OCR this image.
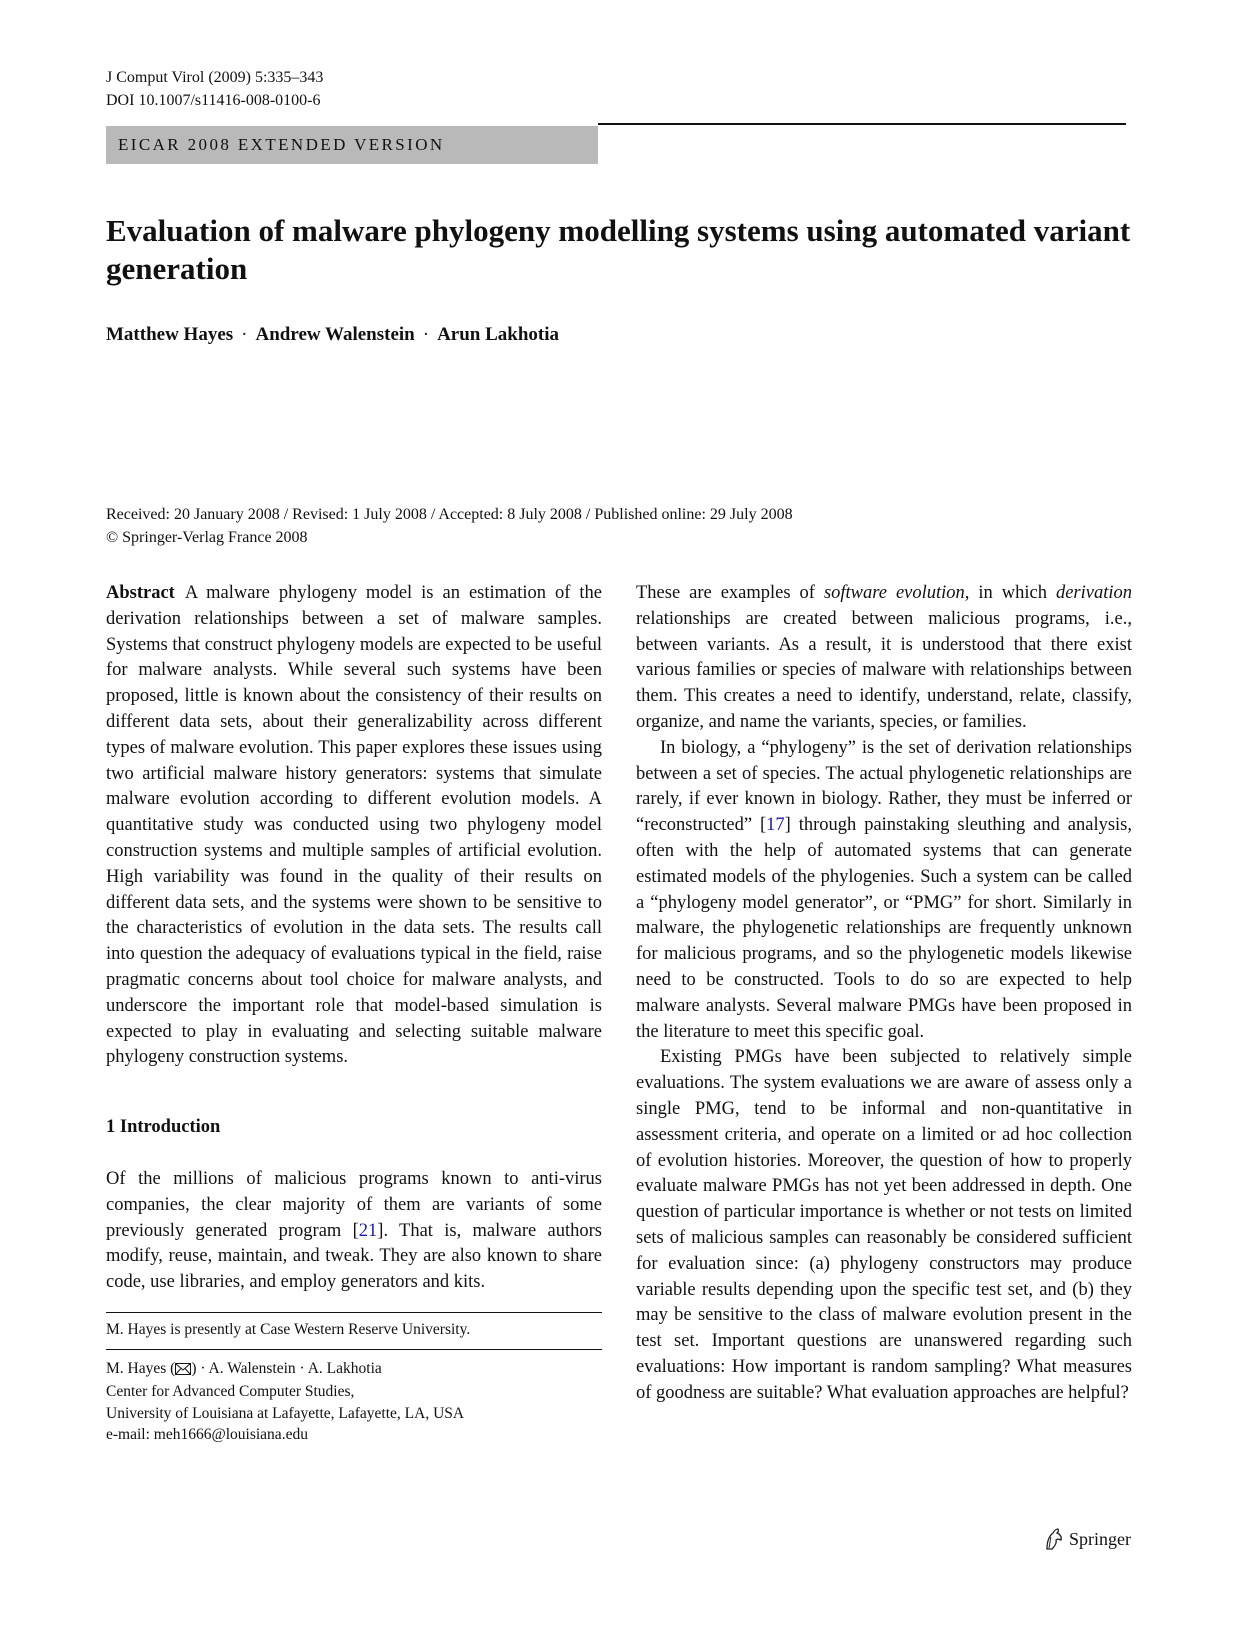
J Comput Virol (2009) 5:335–343
DOI 10.1007/s11416-008-0100-6
EICAR 2008 EXTENDED VERSION
Evaluation of malware phylogeny modelling systems using automated variant generation
Matthew Hayes · Andrew Walenstein · Arun Lakhotia
Received: 20 January 2008 / Revised: 1 July 2008 / Accepted: 8 July 2008 / Published online: 29 July 2008
© Springer-Verlag France 2008

Abstract A malware phylogeny model is an estimation of the derivation relationships between a set of malware samples. Systems that construct phylogeny models are expected to be useful for malware analysts. While several such systems have been proposed, little is known about the consistency of their results on different data sets, about their generalizability across different types of malware evolution. This paper explores these issues using two artificial malware history generators: systems that simulate malware evolution according to different evolution models. A quantitative study was conducted using two phylogeny model construction systems and multiple samples of artificial evolution. High variability was found in the quality of their results on different data sets, and the systems were shown to be sensitive to the characteristics of evolution in the data sets. The results call into question the adequacy of evaluations typical in the field, raise pragmatic concerns about tool choice for malware analysts, and underscore the important role that model-based simulation is expected to play in evaluating and selecting suitable malware phylogeny construction systems.

1 Introduction

Of the millions of malicious programs known to anti-virus companies, the clear majority of them are variants of some previously generated program [21]. That is, malware authors modify, reuse, maintain, and tweak. They are also known to share code, use libraries, and employ generators and kits.

M. Hayes is presently at Case Western Reserve University.
M. Hayes ( ) · A. Walenstein · A. Lakhotia
Center for Advanced Computer Studies,
University of Louisiana at Lafayette, Lafayette, LA, USA
e-mail: meh1666@louisiana.edu

These are examples of software evolution, in which derivation relationships are created between malicious programs, i.e., between variants. As a result, it is understood that there exist various families or species of malware with relationships between them. This creates a need to identify, understand, relate, classify, organize, and name the variants, species, or families.

In biology, a “phylogeny” is the set of derivation relationships between a set of species. The actual phylogenetic relationships are rarely, if ever known in biology. Rather, they must be inferred or “reconstructed” [17] through painstaking sleuthing and analysis, often with the help of automated systems that can generate estimated models of the phylogenies. Such a system can be called a “phylogeny model generator”, or “PMG” for short. Similarly in malware, the phylogenetic relationships are frequently unknown for malicious programs, and so the phylogenetic models likewise need to be constructed. Tools to do so are expected to help malware analysts. Several malware PMGs have been proposed in the literature to meet this specific goal.

Existing PMGs have been subjected to relatively simple evaluations. The system evaluations we are aware of assess only a single PMG, tend to be informal and non-quantitative in assessment criteria, and operate on a limited or ad hoc collection of evolution histories. Moreover, the question of how to properly evaluate malware PMGs has not yet been addressed in depth. One question of particular importance is whether or not tests on limited sets of malicious samples can reasonably be considered sufficient for evaluation since: (a) phylogeny constructors may produce variable results depending upon the specific test set, and (b) they may be sensitive to the class of malware evolution present in the test set. Important questions are unanswered regarding such evaluations: How important is random sampling? What measures of goodness are suitable? What evaluation approaches are helpful?

Springer
